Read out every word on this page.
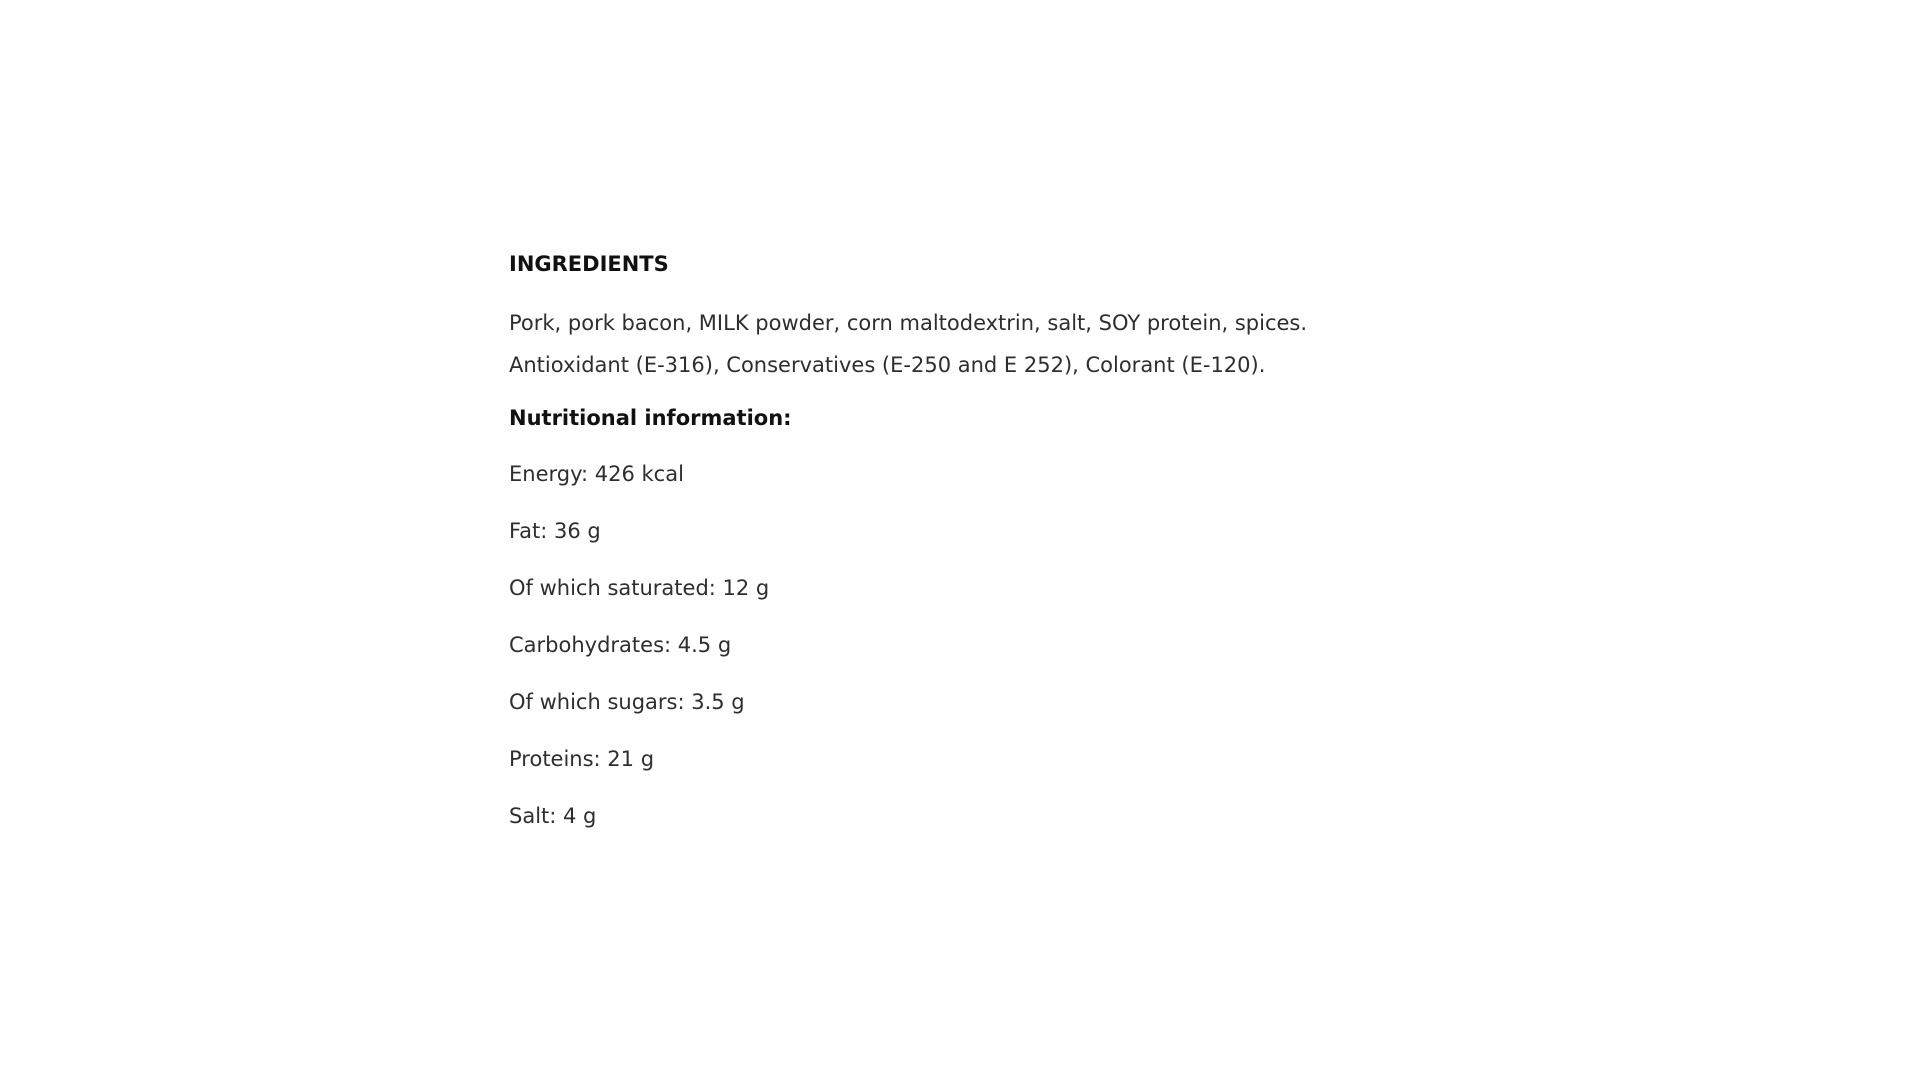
INGREDIENTS
Pork, pork bacon, MILK powder, corn maltodextrin, salt, SOY protein, spices. Antioxidant (E-316), Conservatives (E-250 and E 252), Colorant (E-120).
Nutritional information:
Energy: 426 kcal
Fat: 36 g
Of which saturated: 12 g
Carbohydrates: 4.5 g
Of which sugars: 3.5 g
Proteins: 21 g
Salt: 4 g
